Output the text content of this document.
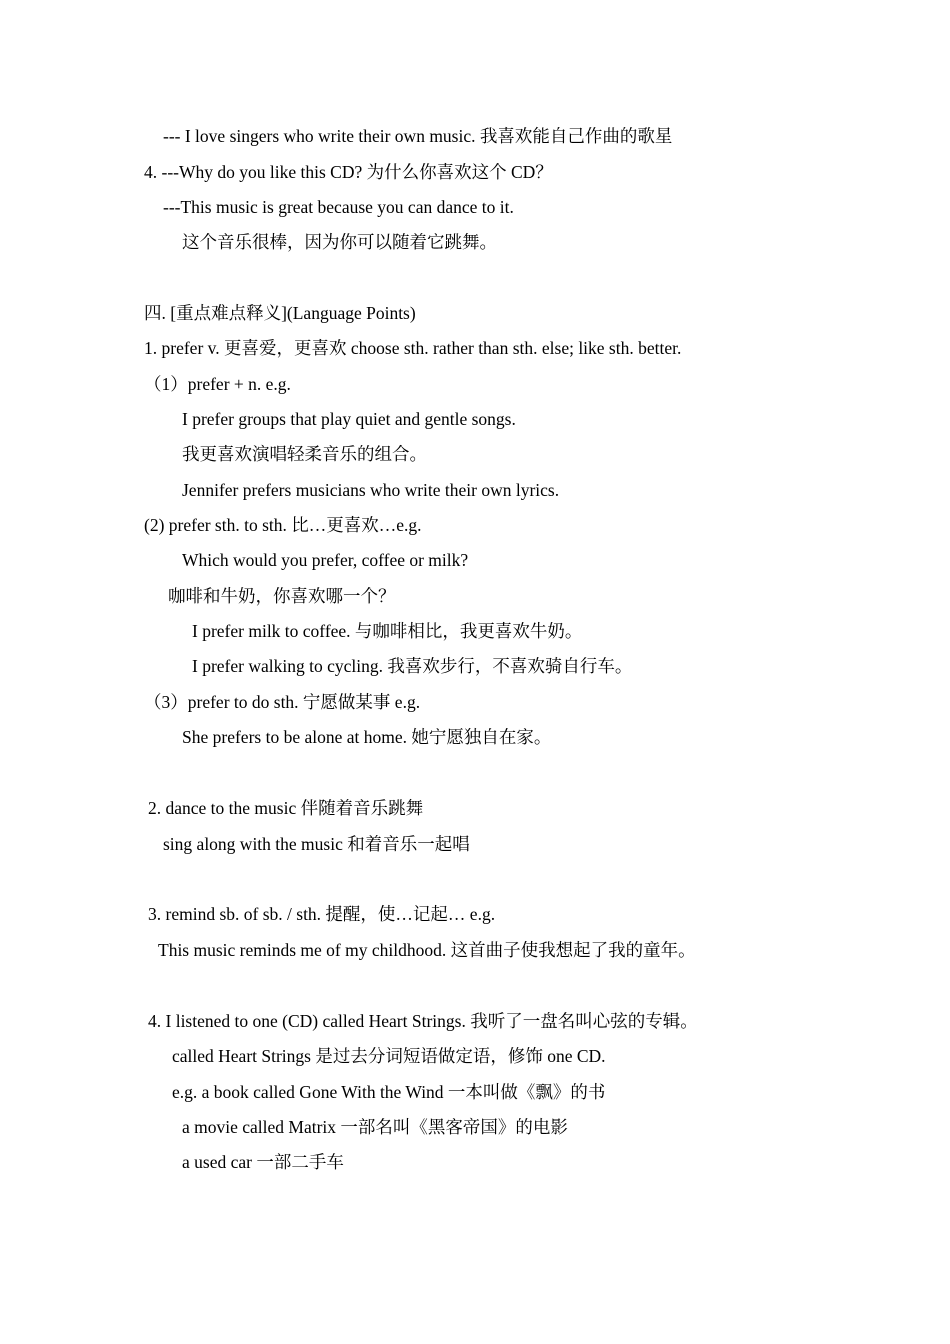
--- I love singers who write their own music. 我喜欢能自己作曲的歌星
4. ---Why do you like this CD? 为什么你喜欢这个 CD？
---This music is great because you can dance to it.
这个音乐很棒，因为你可以随着它跳舞。
四. [重点难点释义](Language Points)
1. prefer v. 更喜爱，更喜欢 choose sth. rather than sth. else; like sth. better.
（1）prefer + n. e.g.
I prefer groups that play quiet and gentle songs.
我更喜欢演唱轻柔音乐的组合。
Jennifer prefers musicians who write their own lyrics.
(2) prefer sth. to sth. 比…更喜欢…e.g.
Which would you prefer, coffee or milk?
咖啡和牛奶，你喜欢哪一个？
I prefer milk to coffee. 与咖啡相比，我更喜欢牛奶。
I prefer walking to cycling. 我喜欢步行，不喜欢骑自行车。
（3）prefer to do sth. 宁愿做某事 e.g.
She prefers to be alone at home. 她宁愿独自在家。
2. dance to the music 伴随着音乐跳舞
sing along with the music 和着音乐一起唱
3. remind sb. of sb. / sth. 提醒，使…记起… e.g.
This music reminds me of my childhood. 这首曲子使我想起了我的童年。
4. I listened to one (CD) called Heart Strings. 我听了一盘名叫心弦的专辑。
called Heart Strings 是过去分词短语做定语，修饰 one CD.
e.g. a book called Gone With the Wind 一本叫做《飘》的书
a movie called Matrix 一部名叫《黑客帝国》的电影
a used car 一部二手车
